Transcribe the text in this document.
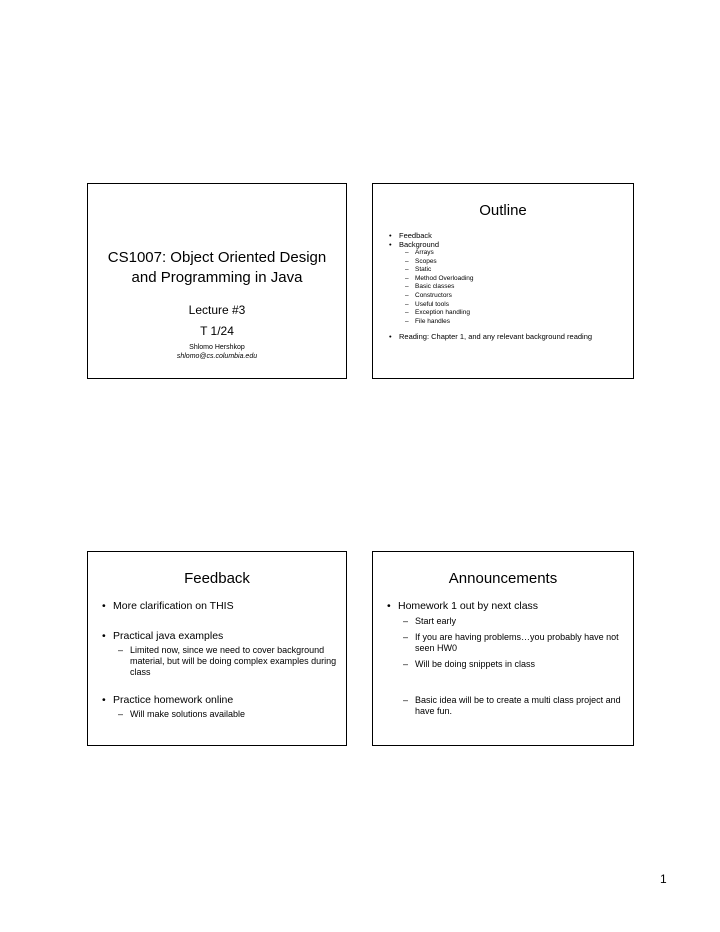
CS1007: Object Oriented Design
and Programming in Java
Lecture #3
T 1/24
Shlomo Hershkop
shlomo@cs.columbia.edu
Outline
• Feedback
• Background
– Arrays
– Scopes
– Static
– Method Overloading
– Basic classes
– Constructors
– Useful tools
– Exception handling
– File handles
• Reading: Chapter 1, and any relevant background reading
Feedback
• More clarification on THIS
• Practical java examples
– Limited now, since we need to cover background material, but will be doing complex examples during class
• Practice homework online
– Will make solutions available
Announcements
• Homework 1 out by next class
– Start early
– If you are having problems…you probably have not seen HW0
– Will be doing snippets in class
– Basic idea will be to create a multi class project and have fun.
1
